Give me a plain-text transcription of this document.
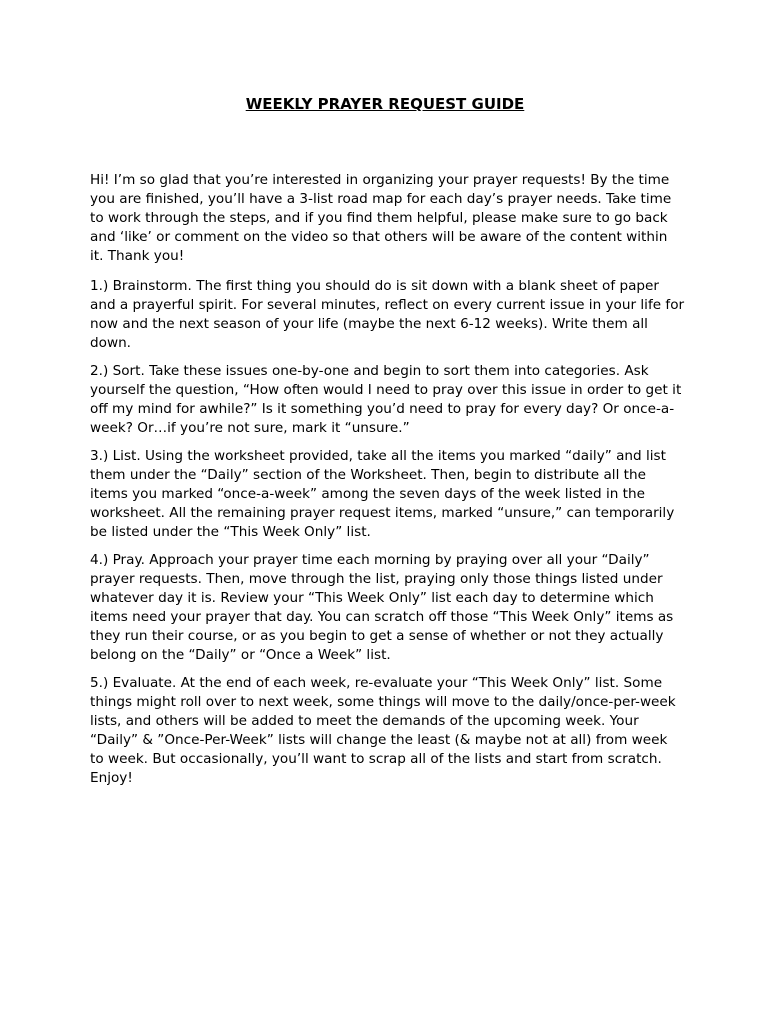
WEEKLY PRAYER REQUEST GUIDE

Hi! I’m so glad that you’re interested in organizing your prayer requests! By the time you are finished, you’ll have a 3-list road map for each day’s prayer needs. Take time to work through the steps, and if you find them helpful, please make sure to go back and ‘like’ or comment on the video so that others will be aware of the content within it. Thank you!

1.) Brainstorm. The first thing you should do is sit down with a blank sheet of paper and a prayerful spirit. For several minutes, reflect on every current issue in your life for now and the next season of your life (maybe the next 6-12 weeks). Write them all down.

2.) Sort. Take these issues one-by-one and begin to sort them into categories. Ask yourself the question, “How often would I need to pray over this issue in order to get it off my mind for awhile?” Is it something you’d need to pray for every day? Or once-a-week? Or…if you’re not sure, mark it “unsure.”

3.) List. Using the worksheet provided, take all the items you marked “daily” and list them under the “Daily” section of the Worksheet. Then, begin to distribute all the items you marked “once-a-week” among the seven days of the week listed in the worksheet. All the remaining prayer request items, marked “unsure,” can temporarily be listed under the “This Week Only” list.

4.) Pray. Approach your prayer time each morning by praying over all your “Daily” prayer requests. Then, move through the list, praying only those things listed under whatever day it is. Review your “This Week Only” list each day to determine which items need your prayer that day. You can scratch off those “This Week Only” items as they run their course, or as you begin to get a sense of whether or not they actually belong on the “Daily” or “Once a Week” list.

5.) Evaluate. At the end of each week, re-evaluate your “This Week Only” list. Some things might roll over to next week, some things will move to the daily/once-per-week lists, and others will be added to meet the demands of the upcoming week. Your “Daily” & ”Once-Per-Week” lists will change the least (& maybe not at all) from week to week. But occasionally, you’ll want to scrap all of the lists and start from scratch. Enjoy!
